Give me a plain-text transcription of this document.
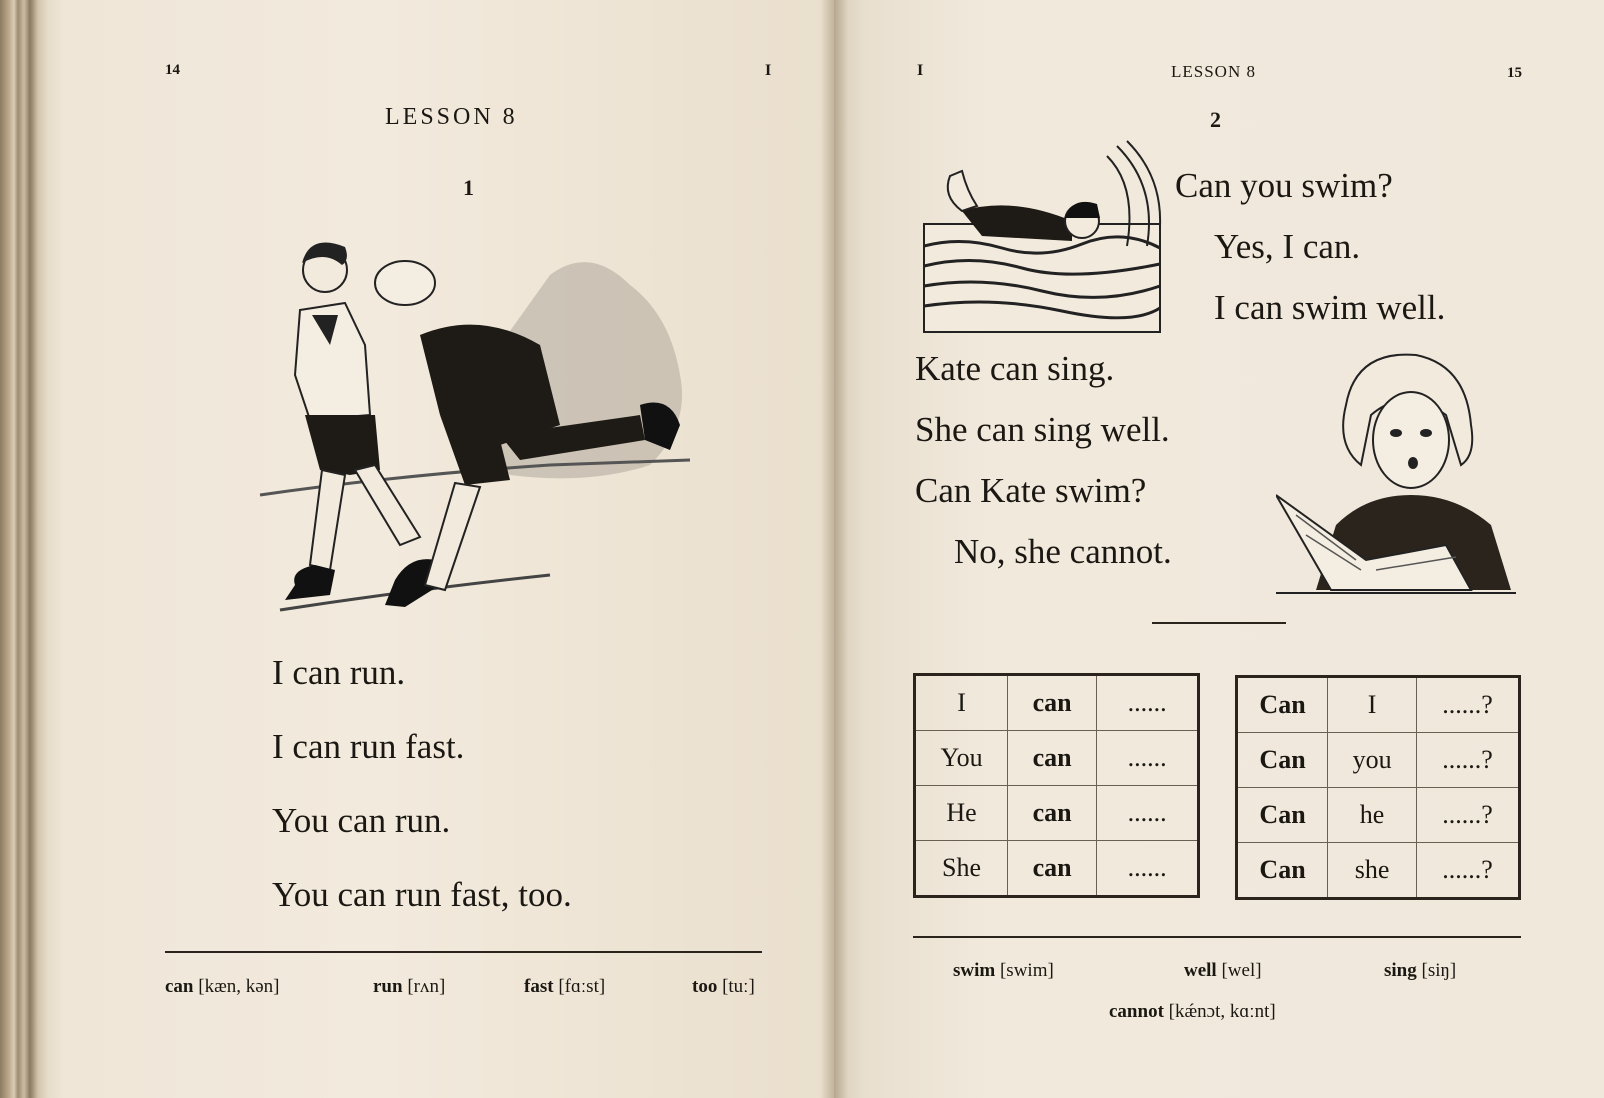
14	I
LESSON 8
1
I can run.
I can run fast.
You can run.
You can run fast, too.
can [kæn, kən]	run [rʌn]	fast [fɑːst]	too [tuː]
I	LESSON 8	15
2
Can you swim?
Yes, I can.
I can swim well.
Kate can sing.
She can sing well.
Can Kate swim?
No, she cannot.
I	can	......
You	can	......
He	can	......
She	can	......
Can	I	......?
Can	you	......?
Can	he	......?
Can	she	......?
swim [swim]	well [wel]	sing [siŋ]
cannot [kǽnɔt, kɑːnt]
